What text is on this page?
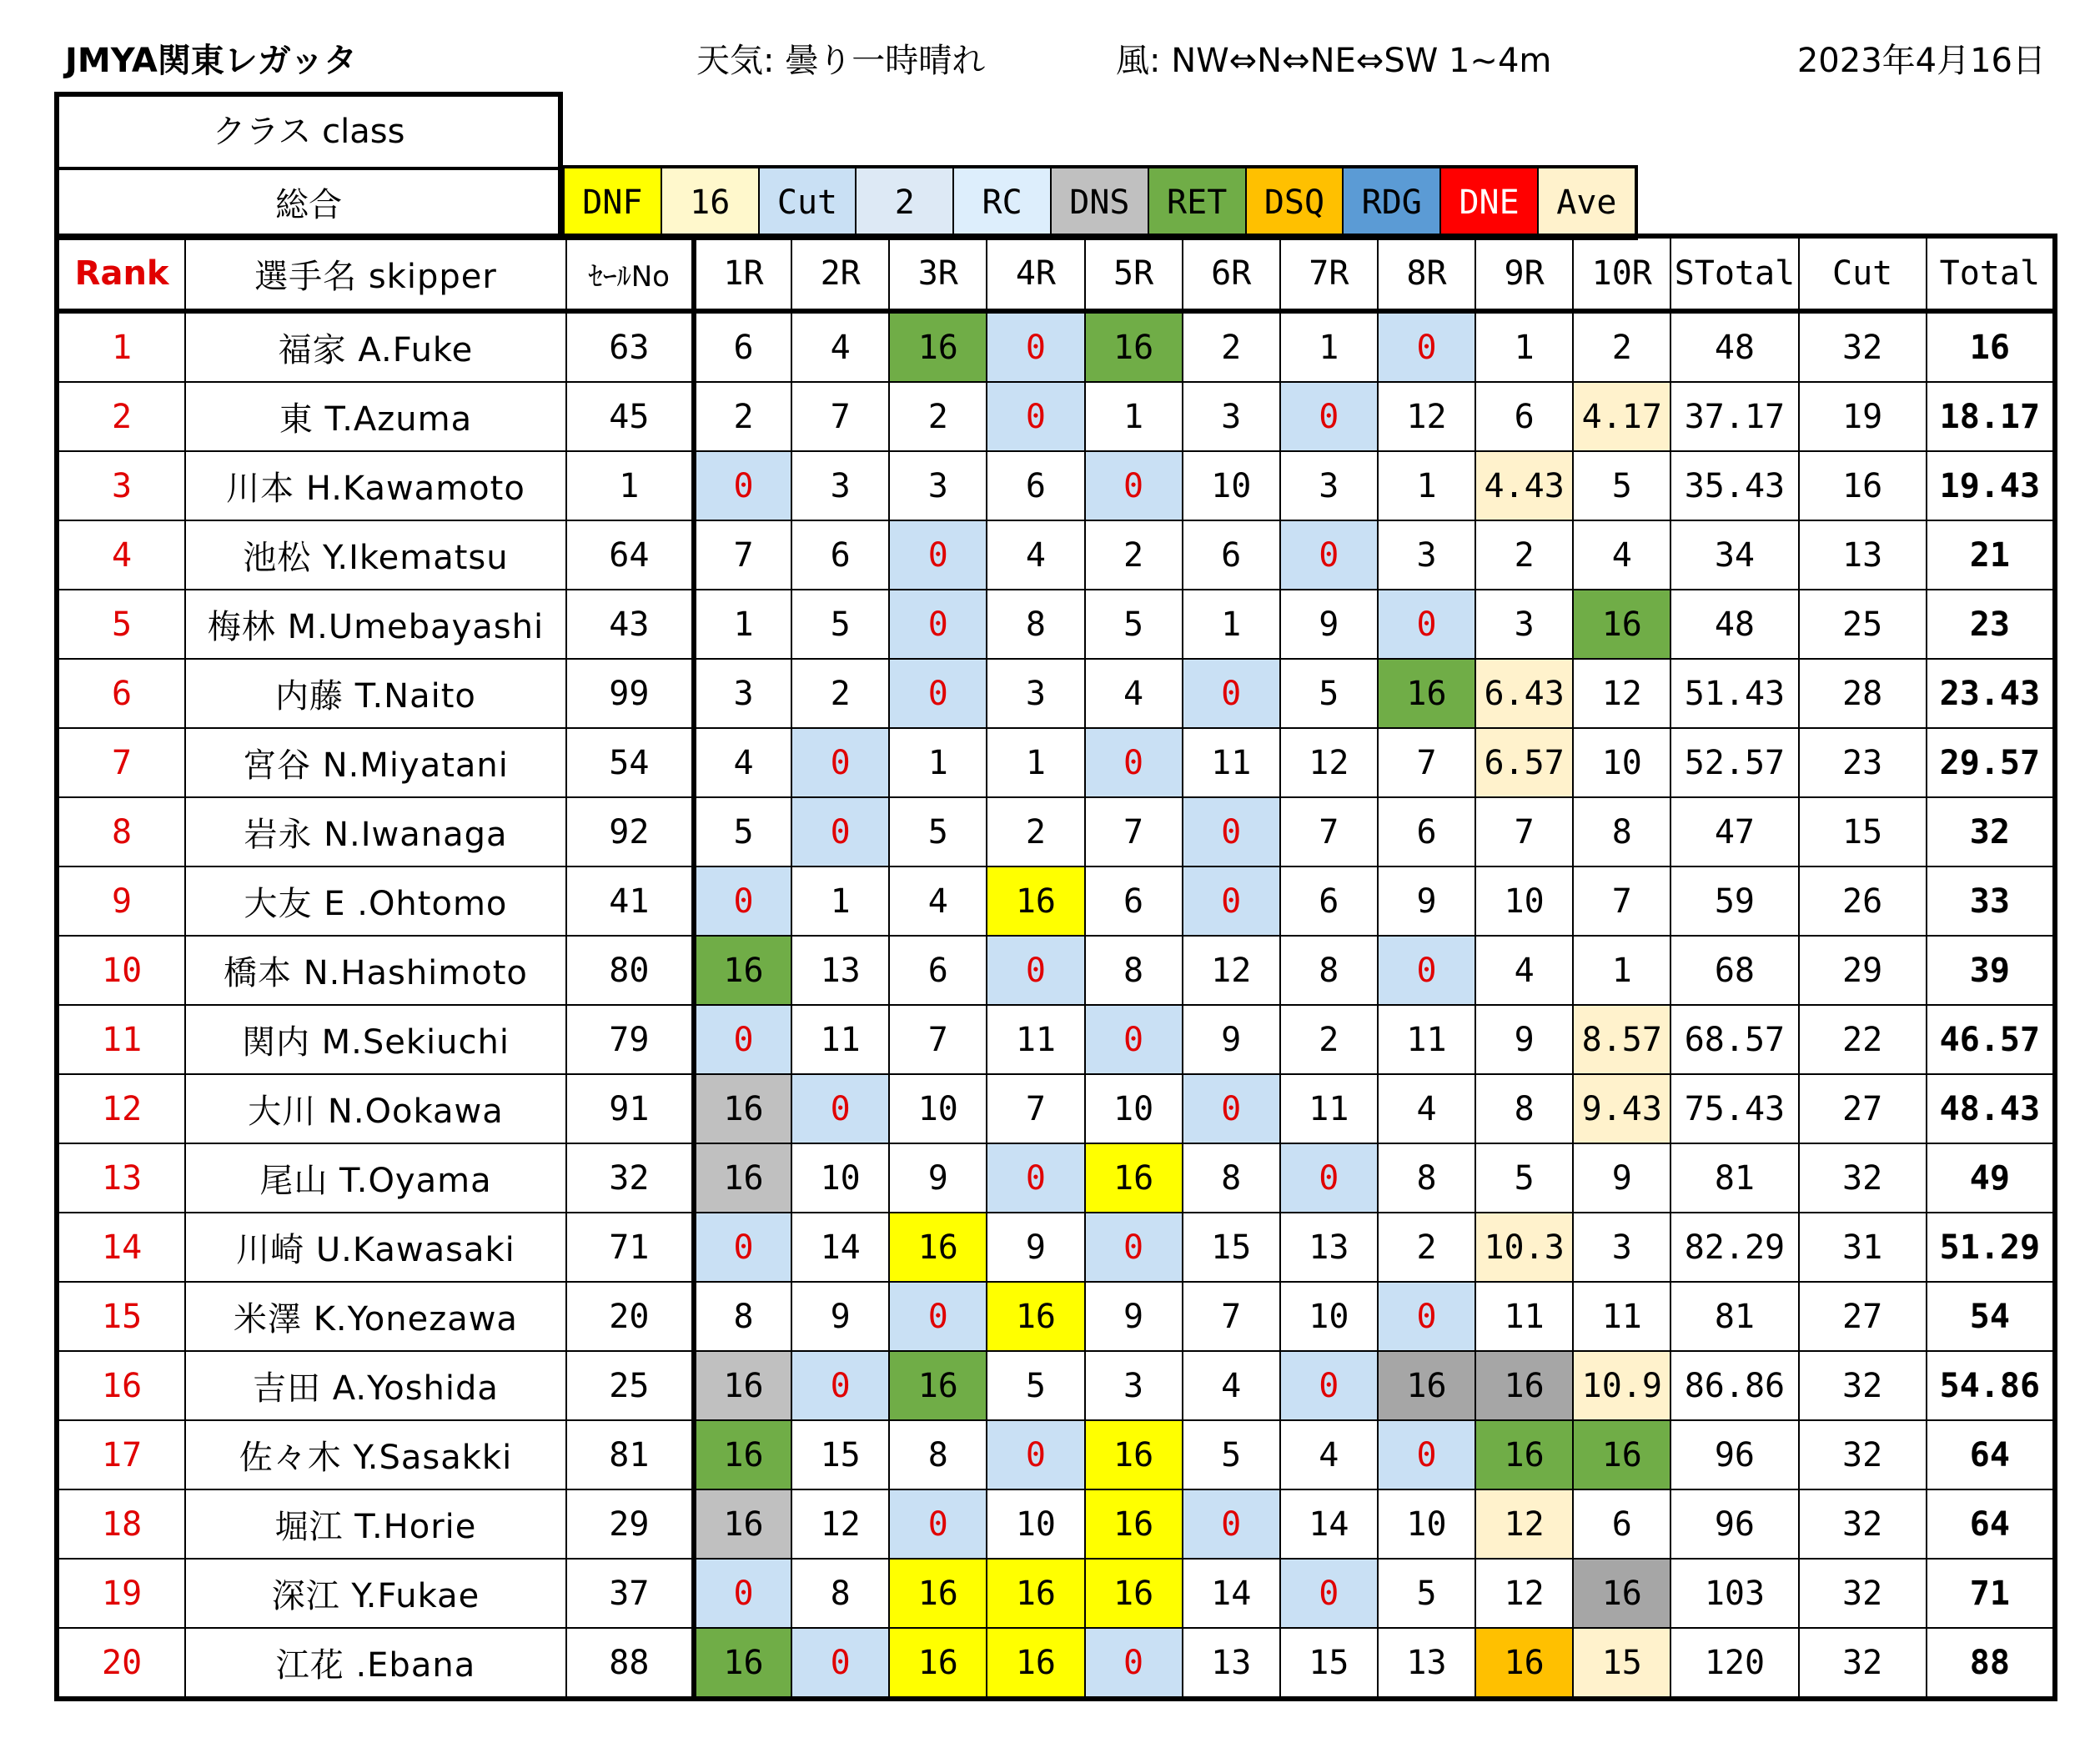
JMYA関東レガッタ	天気: 曇り一時晴れ	風: NW⇔N⇔NE⇔SW 1~4m	2023年4月16日
クラス class
総合	DNF	16	Cut	2	RC	DNS	RET	DSQ	RDG	DNE	Ave
Rank	選手名 skipper	ｾｰﾙNo	1R	2R	3R	4R	5R	6R	7R	8R	9R	10R	STotal	Cut	Total
1	福家 A.Fuke	63	6	4	16	0	16	2	1	0	1	2	48	32	16
2	東 T.Azuma	45	2	7	2	0	1	3	0	12	6	4.17	37.17	19	18.17
3	川本 H.Kawamoto	1	0	3	3	6	0	10	3	1	4.43	5	35.43	16	19.43
4	池松 Y.Ikematsu	64	7	6	0	4	2	6	0	3	2	4	34	13	21
5	梅林 M.Umebayashi	43	1	5	0	8	5	1	9	0	3	16	48	25	23
6	内藤 T.Naito	99	3	2	0	3	4	0	5	16	6.43	12	51.43	28	23.43
7	宮谷 N.Miyatani	54	4	0	1	1	0	11	12	7	6.57	10	52.57	23	29.57
8	岩永 N.Iwanaga	92	5	0	5	2	7	0	7	6	7	8	47	15	32
9	大友 E .Ohtomo	41	0	1	4	16	6	0	6	9	10	7	59	26	33
10	橋本 N.Hashimoto	80	16	13	6	0	8	12	8	0	4	1	68	29	39
11	関内 M.Sekiuchi	79	0	11	7	11	0	9	2	11	9	8.57	68.57	22	46.57
12	大川 N.Ookawa	91	16	0	10	7	10	0	11	4	8	9.43	75.43	27	48.43
13	尾山 T.Oyama	32	16	10	9	0	16	8	0	8	5	9	81	32	49
14	川崎 U.Kawasaki	71	0	14	16	9	0	15	13	2	10.3	3	82.29	31	51.29
15	米澤 K.Yonezawa	20	8	9	0	16	9	7	10	0	11	11	81	27	54
16	吉田 A.Yoshida	25	16	0	16	5	3	4	0	16	16	10.9	86.86	32	54.86
17	佐々木 Y.Sasakki	81	16	15	8	0	16	5	4	0	16	16	96	32	64
18	堀江 T.Horie	29	16	12	0	10	16	0	14	10	12	6	96	32	64
19	深江 Y.Fukae	37	0	8	16	16	16	14	0	5	12	16	103	32	71
20	江花 .Ebana	88	16	0	16	16	0	13	15	13	16	15	120	32	88
